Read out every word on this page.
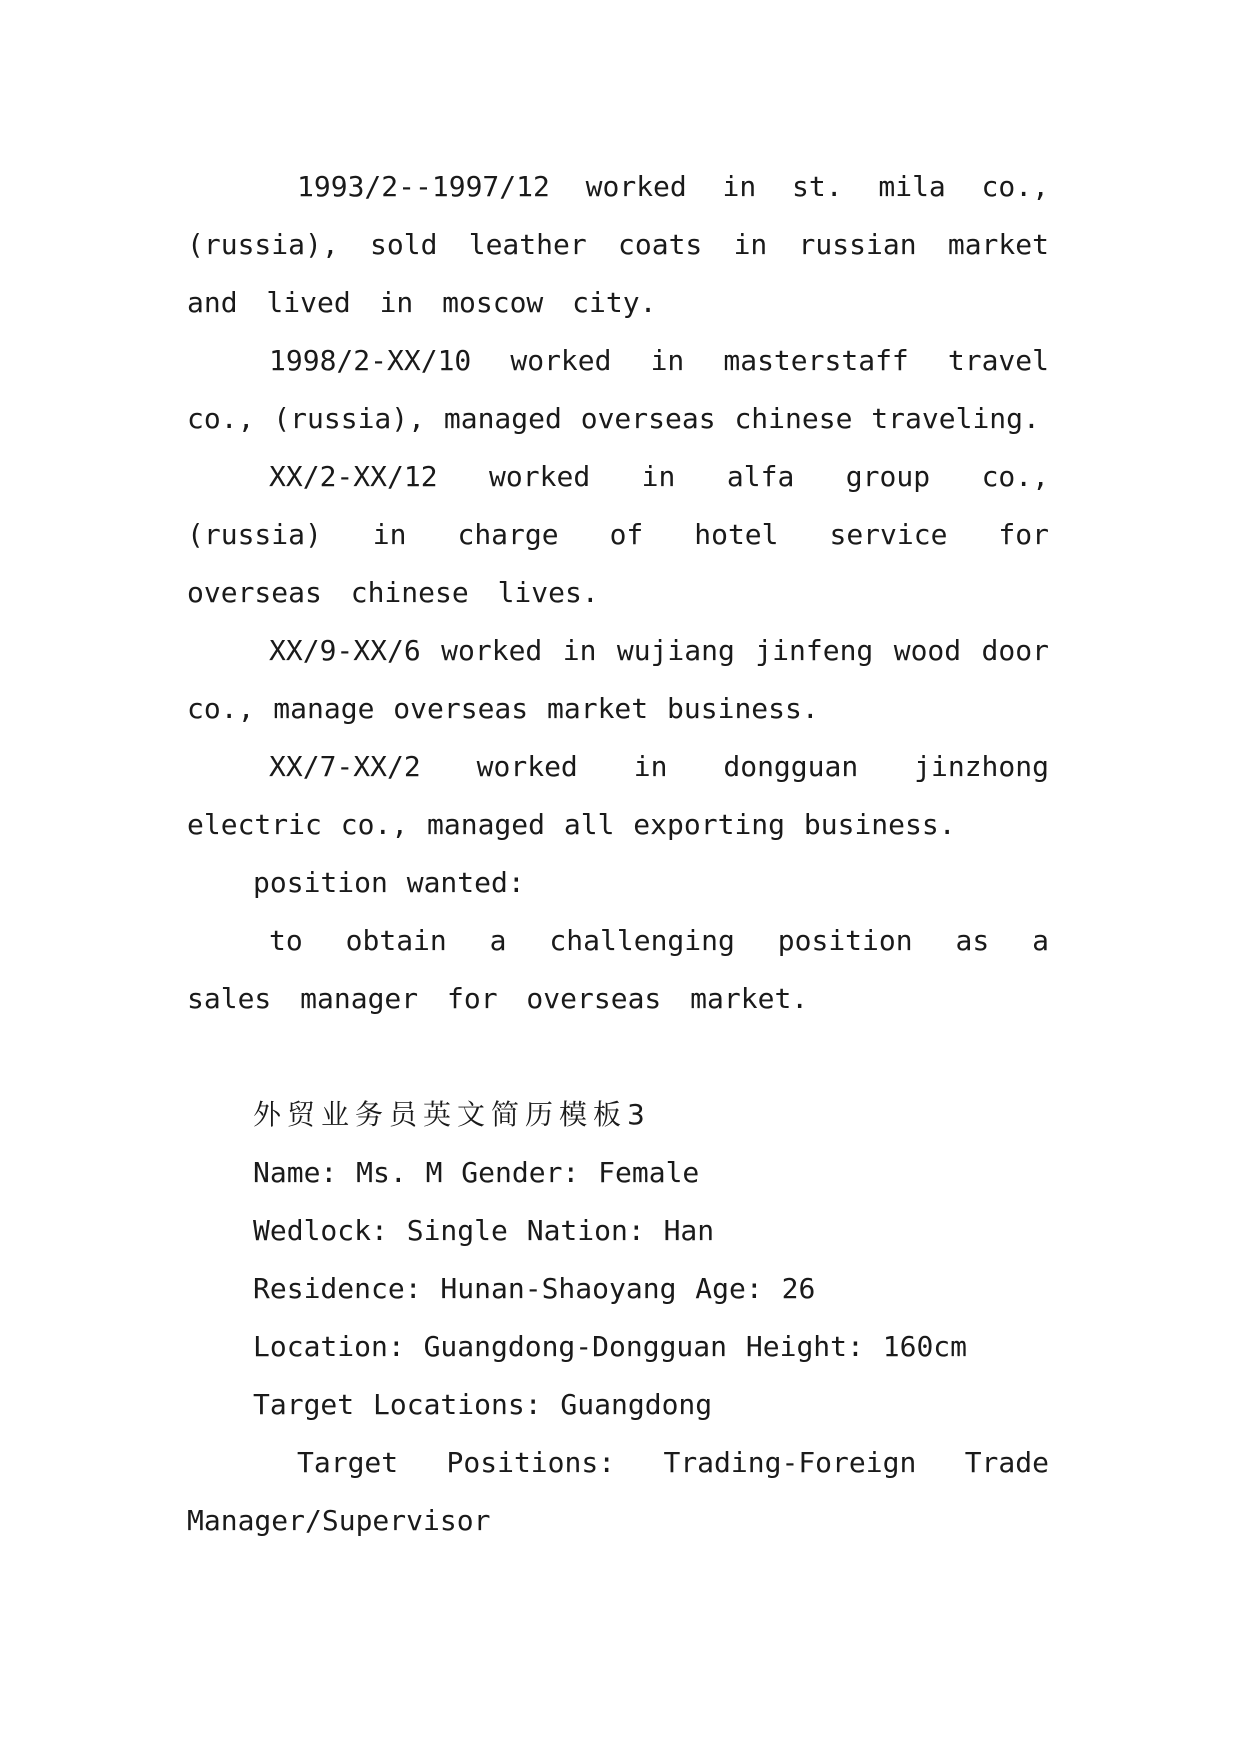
1993/2--1997/12 worked in st. mila co., (russia), sold leather coats in russian market and lived in moscow city.

1998/2-XX/10 worked in masterstaff travel co., (russia), managed overseas chinese traveling.

XX/2-XX/12 worked in alfa group co., (russia) in charge of hotel service for overseas chinese lives.

XX/9-XX/6 worked in wujiang jinfeng wood door co., manage overseas market business.

XX/7-XX/2 worked in dongguan jinzhong electric co., managed all exporting business.

position wanted:

to obtain a challenging position as a sales manager for overseas market.

外贸业务员英文简历模板3

Name: Ms. M Gender: Female

Wedlock: Single Nation: Han

Residence: Hunan-Shaoyang Age: 26

Location: Guangdong-Dongguan Height: 160cm

Target Locations: Guangdong

Target Positions: Trading-Foreign Trade Manager/Supervisor
